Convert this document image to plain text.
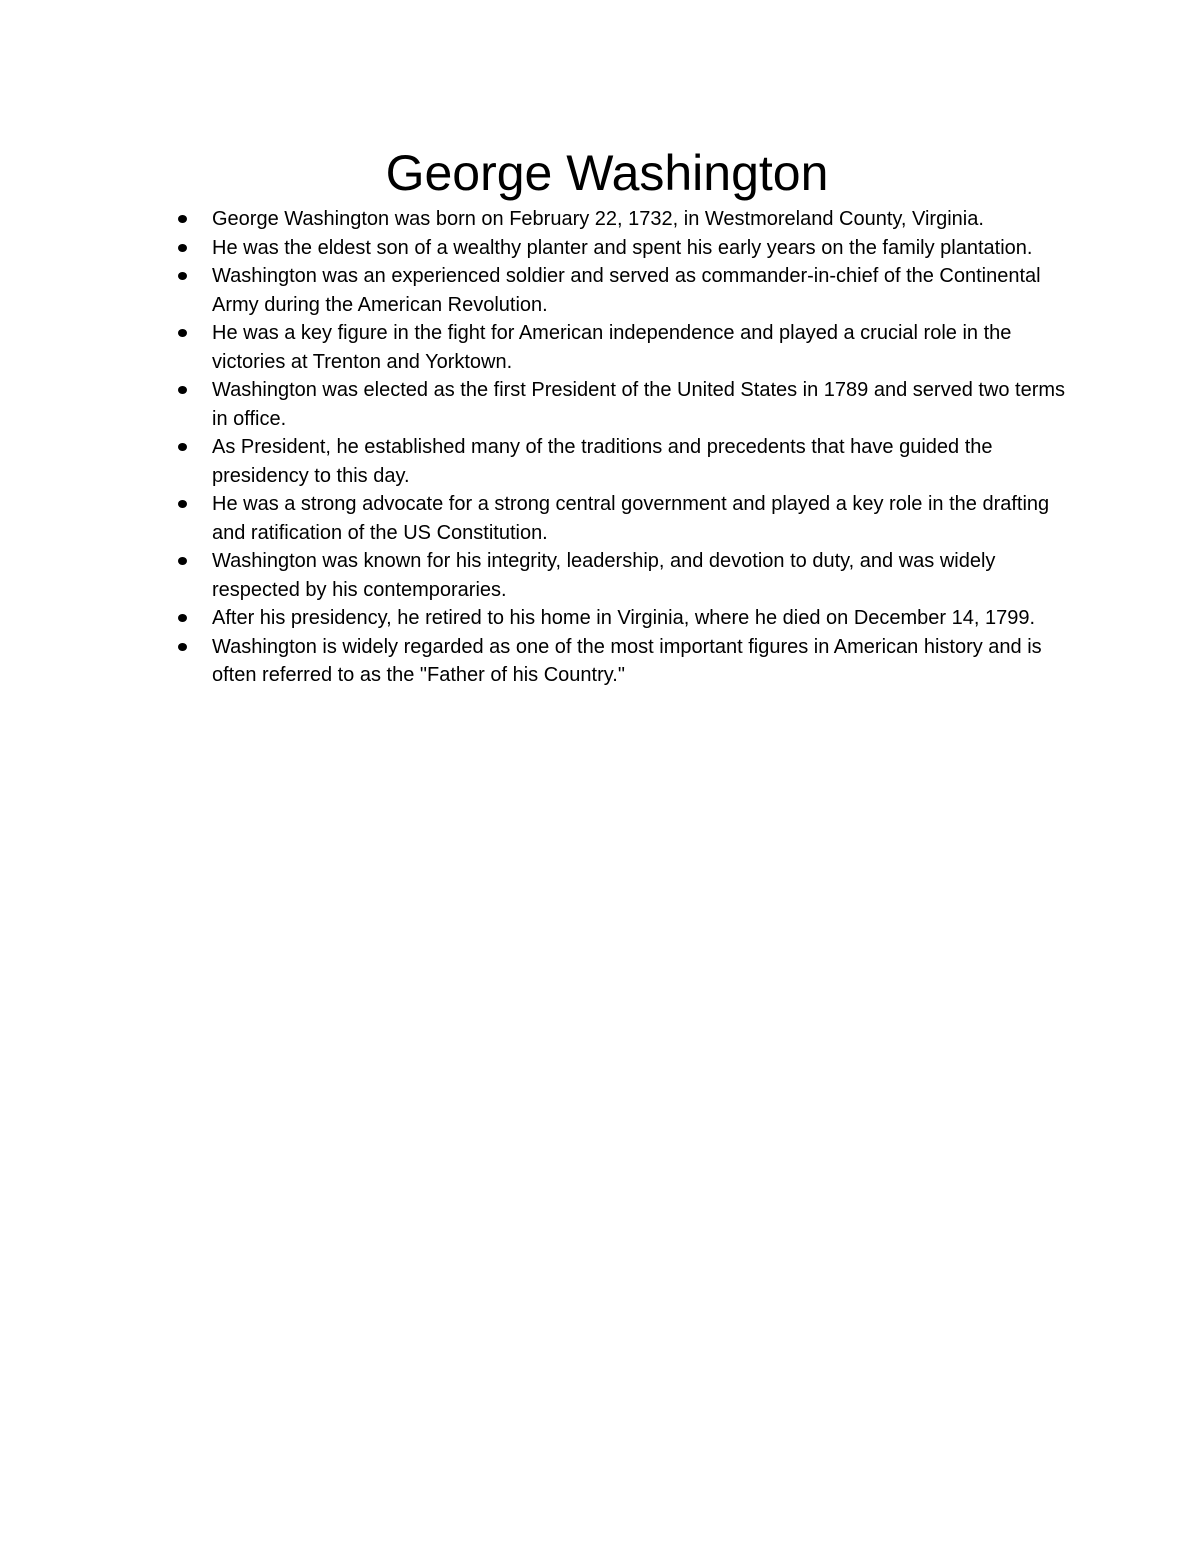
George Washington
George Washington was born on February 22, 1732, in Westmoreland County, Virginia.
He was the eldest son of a wealthy planter and spent his early years on the family plantation.
Washington was an experienced soldier and served as commander-in-chief of the Continental Army during the American Revolution.
He was a key figure in the fight for American independence and played a crucial role in the victories at Trenton and Yorktown.
Washington was elected as the first President of the United States in 1789 and served two terms in office.
As President, he established many of the traditions and precedents that have guided the presidency to this day.
He was a strong advocate for a strong central government and played a key role in the drafting and ratification of the US Constitution.
Washington was known for his integrity, leadership, and devotion to duty, and was widely respected by his contemporaries.
After his presidency, he retired to his home in Virginia, where he died on December 14, 1799.
Washington is widely regarded as one of the most important figures in American history and is often referred to as the "Father of his Country."
